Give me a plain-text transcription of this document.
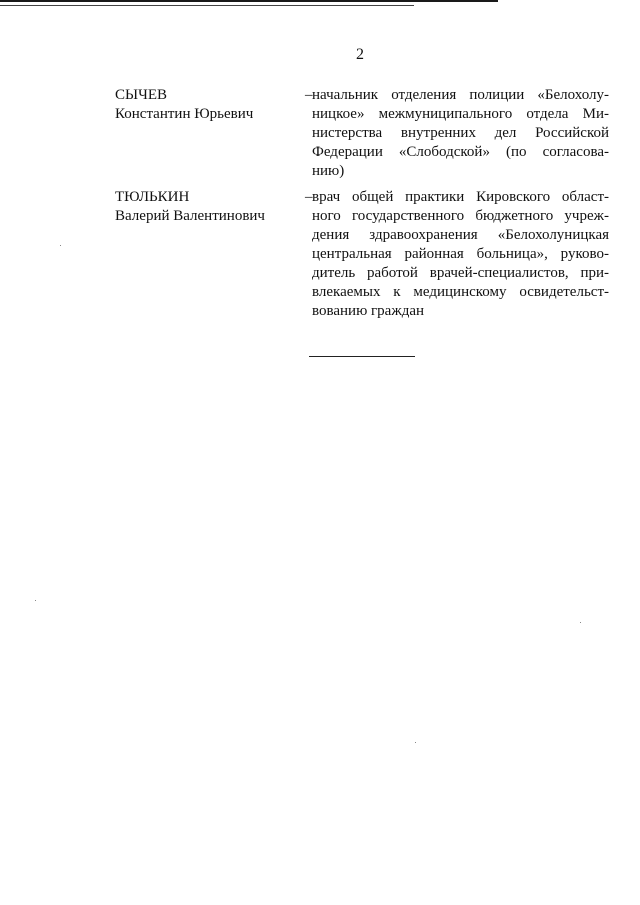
2
СЫЧЕВ
Константин Юрьевич
– начальник отделения полиции «Белохолу-
ницкое» межмуниципального отдела Ми-
нистерства внутренних дел Российской
Федерации «Слободской» (по согласова-
нию)
ТЮЛЬКИН
Валерий Валентинович
– врач общей практики Кировского област-
ного государственного бюджетного учреж-
дения здравоохранения «Белохолуницкая
центральная районная больница», руково-
дитель работой врачей-специалистов, при-
влекаемых к медицинскому освидетельст-
вованию граждан
